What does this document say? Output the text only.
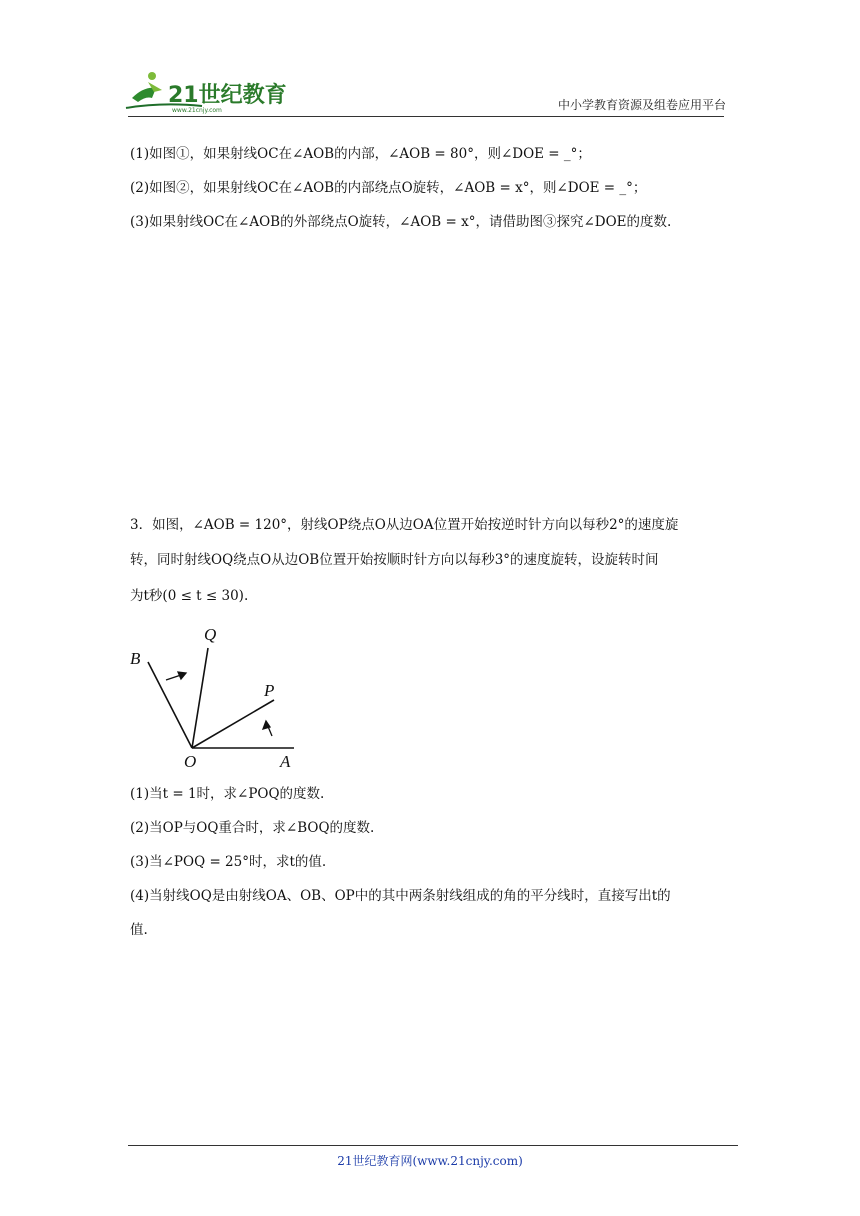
21世纪教育
www.21cnjy.com	中小学教育资源及组卷应用平台
(1)如图①，如果射线OC在∠AOB的内部，∠AOB = 80°，则∠DOE = _°；
(2)如图②，如果射线OC在∠AOB的内部绕点O旋转，∠AOB = x°，则∠DOE = _°；
(3)如果射线OC在∠AOB的外部绕点O旋转，∠AOB = x°，请借助图③探究∠DOE的度数.
3．如图，∠AOB = 120°，射线OP绕点O从边OA位置开始按逆时针方向以每秒2°的速度旋
转，同时射线OQ绕点O从边OB位置开始按顺时针方向以每秒3°的速度旋转，设旋转时间
为t秒(0 ≤ t ≤ 30).
B
Q
P
O	A
(1)当t = 1时，求∠POQ的度数.
(2)当OP与OQ重合时，求∠BOQ的度数.
(3)当∠POQ = 25°时，求t的值.
(4)当射线OQ是由射线OA、OB、OP中的其中两条射线组成的角的平分线时，直接写出t的
值.
21世纪教育网(www.21cnjy.com)
